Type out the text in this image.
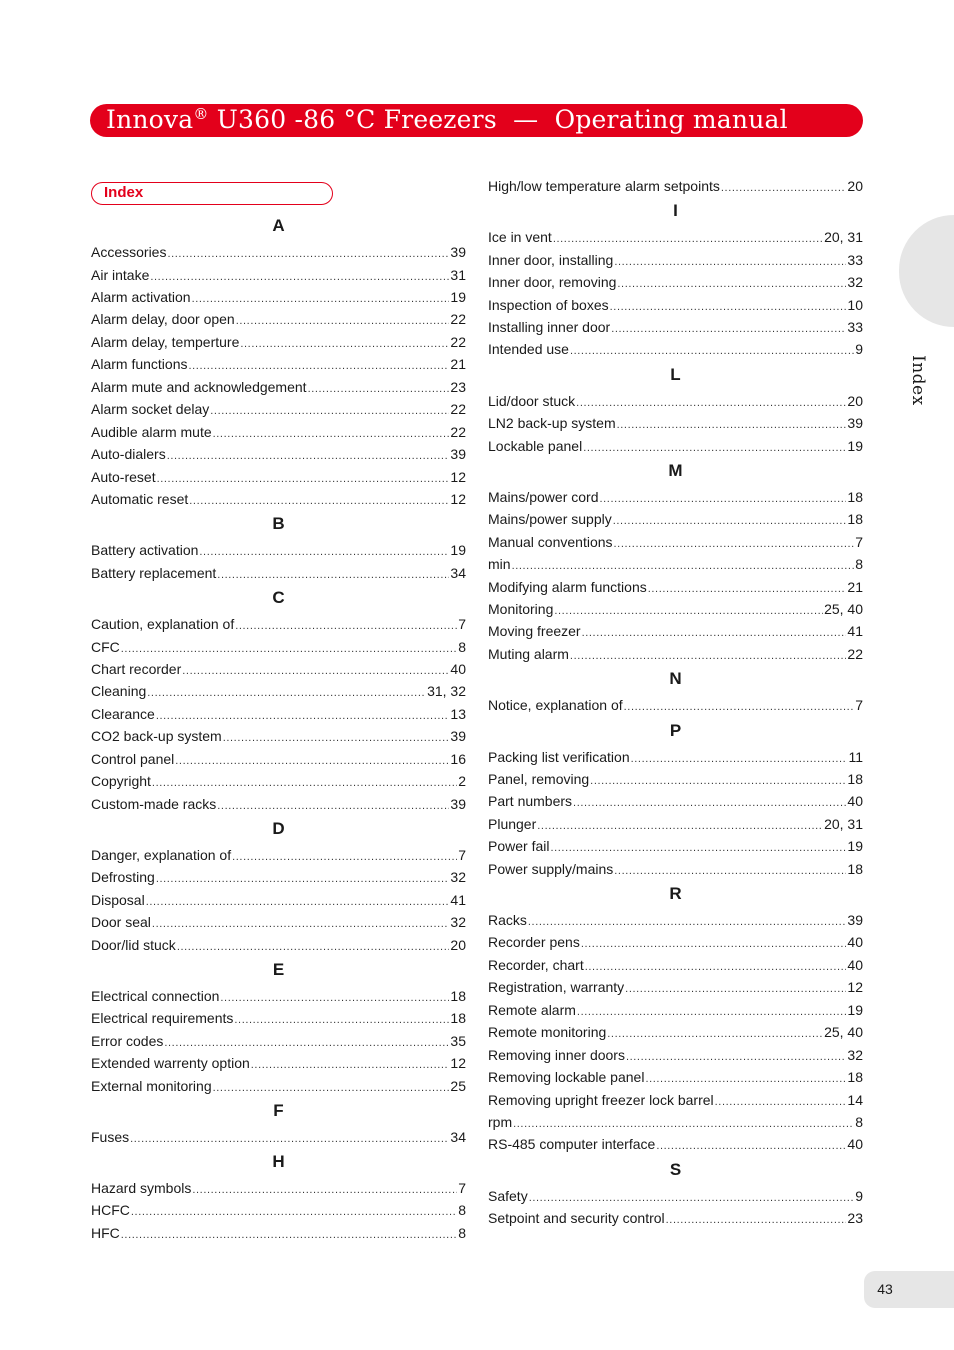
Innova® U360 -86 °C Freezers  —  Operating manual
Index
A
Accessories .....	39
Air intake .....	31
Alarm activation .....	19
Alarm delay, door open .....	22
Alarm delay, temperture .....	22
Alarm functions .....	21
Alarm mute and acknowledgement .....	23
Alarm socket delay .....	22
Audible alarm mute .....	22
Auto-dialers .....	39
Auto-reset .....	12
Automatic reset .....	12
B
Battery activation .....	19
Battery replacement .....	34
C
Caution, explanation of .....	7
CFC .....	8
Chart recorder .....	40
Cleaning .....	31, 32
Clearance .....	13
CO2 back-up system .....	39
Control panel .....	16
Copyright .....	2
Custom-made racks .....	39
D
Danger, explanation of .....	7
Defrosting .....	32
Disposal .....	41
Door seal .....	32
Door/lid stuck .....	20
E
Electrical connection .....	18
Electrical requirements .....	18
Error codes .....	35
Extended warrenty option .....	12
External monitoring .....	25
F
Fuses .....	34
H
Hazard symbols .....	7
HCFC .....	8
HFC .....	8
High/low temperature alarm setpoints .....	20
I
Ice in vent .....	20, 31
Inner door, installing .....	33
Inner door, removing .....	32
Inspection of boxes .....	10
Installing inner door .....	33
Intended use .....	9
L
Lid/door stuck .....	20
LN2 back-up system .....	39
Lockable panel .....	19
M
Mains/power cord .....	18
Mains/power supply .....	18
Manual conventions .....	7
min .....	8
Modifying alarm functions .....	21
Monitoring .....	25, 40
Moving freezer .....	41
Muting alarm .....	22
N
Notice, explanation of .....	7
P
Packing list verification .....	11
Panel, removing .....	18
Part numbers .....	40
Plunger .....	20, 31
Power fail .....	19
Power supply/mains .....	18
R
Racks .....	39
Recorder pens .....	40
Recorder, chart .....	40
Registration, warranty .....	12
Remote alarm .....	19
Remote monitoring .....	25, 40
Removing inner doors .....	32
Removing lockable panel .....	18
Removing upright freezer lock barrel .....	14
rpm .....	8
RS-485 computer interface .....	40
S
Safety .....	9
Setpoint and security control .....	23
Index
43
